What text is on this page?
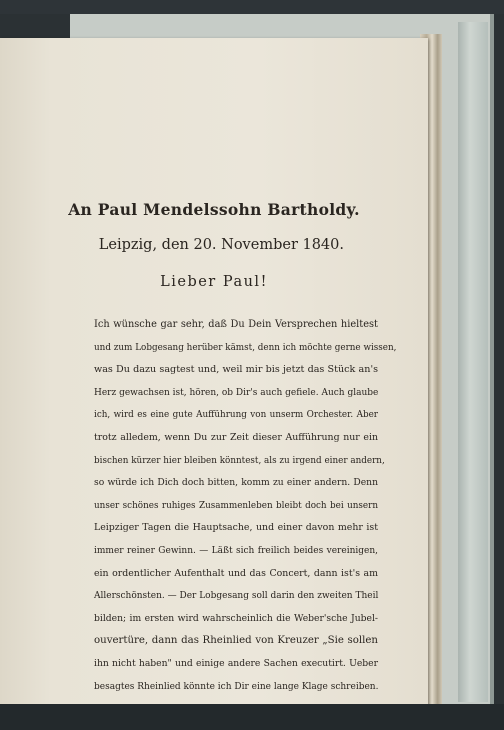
An Paul Mendelssohn Bartholdy.
Leipzig, den 20. November 1840.
Lieber Paul!
Ich wünsche gar sehr, daß Du Dein Versprechen hieltest
und zum Lobgesang herüber kämst, denn ich möchte gerne wissen,
was Du dazu sagtest und, weil mir bis jetzt das Stück an's
Herz gewachsen ist, hören, ob Dir's auch gefiele. Auch glaube
ich, wird es eine gute Aufführung von unserm Orchester. Aber
trotz alledem, wenn Du zur Zeit dieser Aufführung nur ein
bischen kürzer hier bleiben könntest, als zu irgend einer andern,
so würde ich Dich doch bitten, komm zu einer andern. Denn
unser schönes ruhiges Zusammenleben bleibt doch bei unsern
Leipziger Tagen die Hauptsache, und einer davon mehr ist
immer reiner Gewinn. — Läßt sich freilich beides vereinigen,
ein ordentlicher Aufenthalt und das Concert, dann ist's am
Allerschönsten. — Der Lobgesang soll darin den zweiten Theil
bilden; im ersten wird wahrscheinlich die Weber'sche Jubel-
ouvertüre, dann das Rheinlied von Kreuzer „Sie sollen
ihn nicht haben" und einige andere Sachen executirt. Ueber
besagtes Rheinlied könnte ich Dir eine lange Klage schreiben.
